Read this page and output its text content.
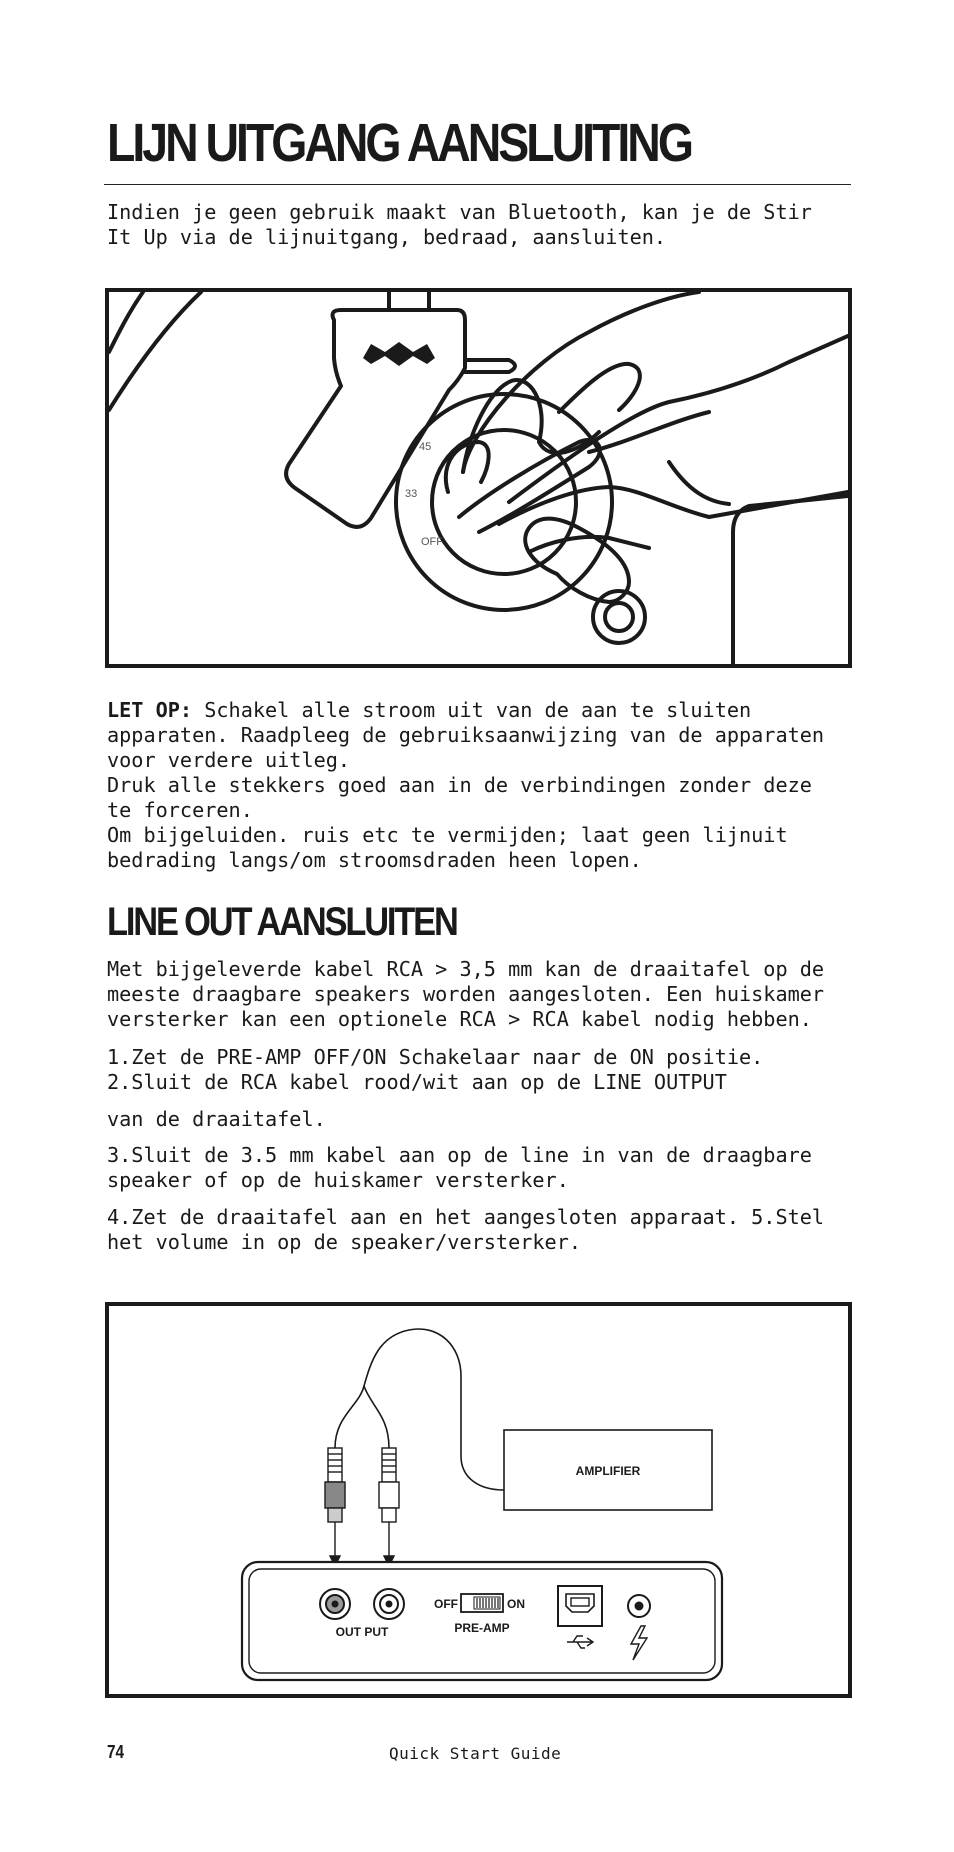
LIJN UITGANG AANSLUITING

Indien je geen gebruik maakt van Bluetooth, kan je de Stir
It Up via de lijnuitgang, bedraad, aansluiten.

45
33
OFF

LET OP: Schakel alle stroom uit van de aan te sluiten
apparaten. Raadpleeg de gebruiksaanwijzing van de apparaten
voor verdere uitleg.
Druk alle stekkers goed aan in de verbindingen zonder deze
te forceren.
Om bijgeluiden. ruis etc te vermijden; laat geen lijnuit
bedrading langs/om stroomsdraden heen lopen.

LINE OUT AANSLUITEN

Met bijgeleverde kabel RCA > 3,5 mm kan de draaitafel op de
meeste draagbare speakers worden aangesloten. Een huiskamer
versterker kan een optionele RCA > RCA kabel nodig hebben.

1.Zet de PRE-AMP OFF/ON Schakelaar naar de ON positie.
2.Sluit de RCA kabel rood/wit aan op de LINE OUTPUT

van de draaitafel.

3.Sluit de 3.5 mm kabel aan op de line in van de draagbare
speaker of op de huiskamer versterker.

4.Zet de draaitafel aan en het aangesloten apparaat. 5.Stel
het volume in op de speaker/versterker.

AMPLIFIER
OUT PUT
OFF	ON
PRE-AMP
74	Quick Start Guide
